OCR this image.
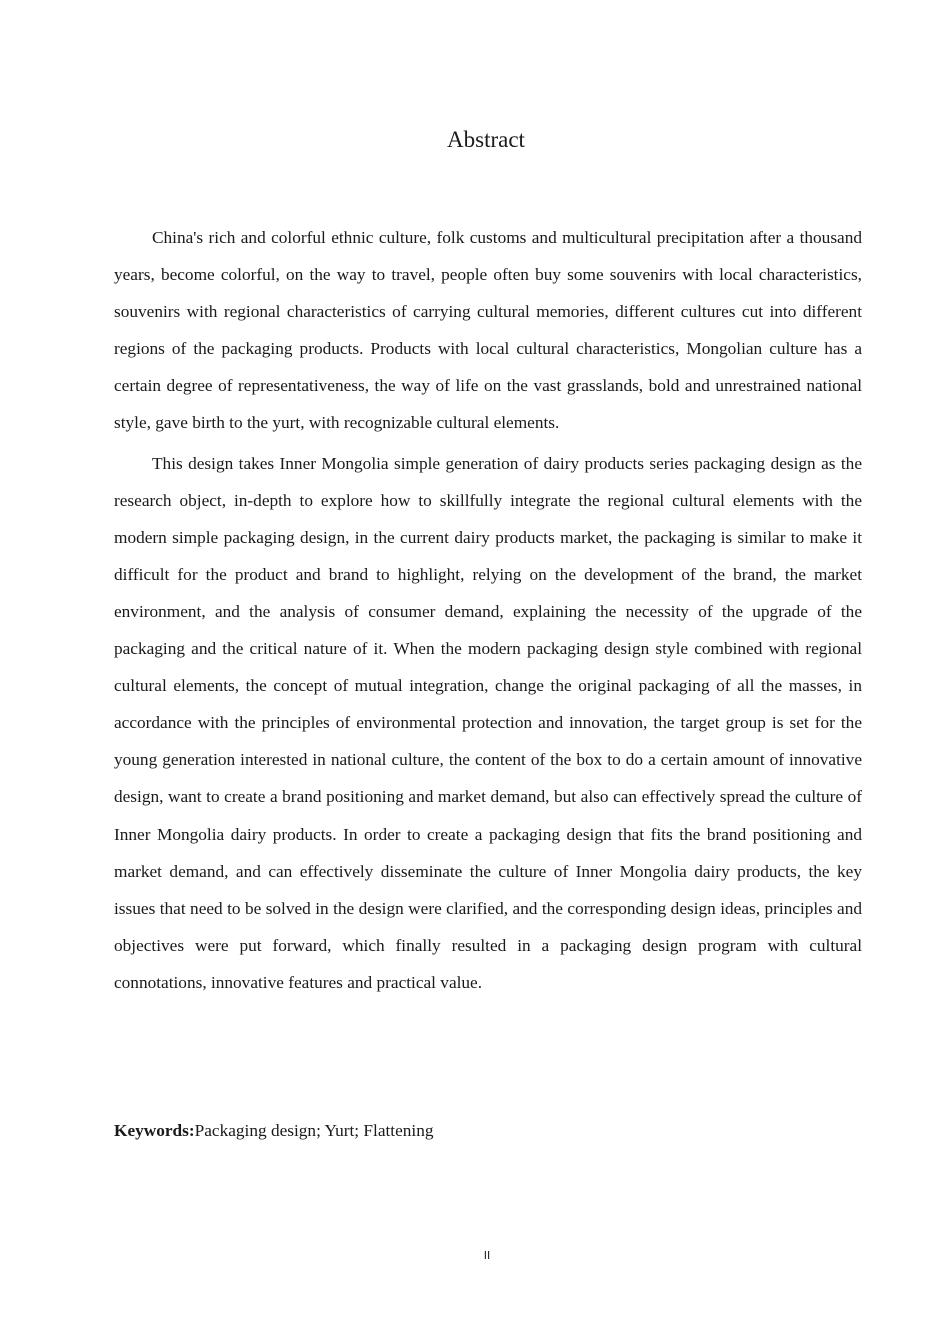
Abstract

China's rich and colorful ethnic culture, folk customs and multicultural precipitation after a thousand years, become colorful, on the way to travel, people often buy some souvenirs with local characteristics, souvenirs with regional characteristics of carrying cultural memories, different cultures cut into different regions of the packaging products. Products with local cultural characteristics, Mongolian culture has a certain degree of representativeness, the way of life on the vast grasslands, bold and unrestrained national style, gave birth to the yurt, with recognizable cultural elements.

This design takes Inner Mongolia simple generation of dairy products series packaging design as the research object, in-depth to explore how to skillfully integrate the regional cultural elements with the modern simple packaging design, in the current dairy products market, the packaging is similar to make it difficult for the product and brand to highlight, relying on the development of the brand, the market environment, and the analysis of consumer demand, explaining the necessity of the upgrade of the packaging and the critical nature of it. When the modern packaging design style combined with regional cultural elements, the concept of mutual integration, change the original packaging of all the masses, in accordance with the principles of environmental protection and innovation, the target group is set for the young generation interested in national culture, the content of the box to do a certain amount of innovative design, want to create a brand positioning and market demand, but also can effectively spread the culture of Inner Mongolia dairy products. In order to create a packaging design that fits the brand positioning and market demand, and can effectively disseminate the culture of Inner Mongolia dairy products, the key issues that need to be solved in the design were clarified, and the corresponding design ideas, principles and objectives were put forward, which finally resulted in a packaging design program with cultural connotations, innovative features and practical value.

Keywords:Packaging design; Yurt; Flattening
II
